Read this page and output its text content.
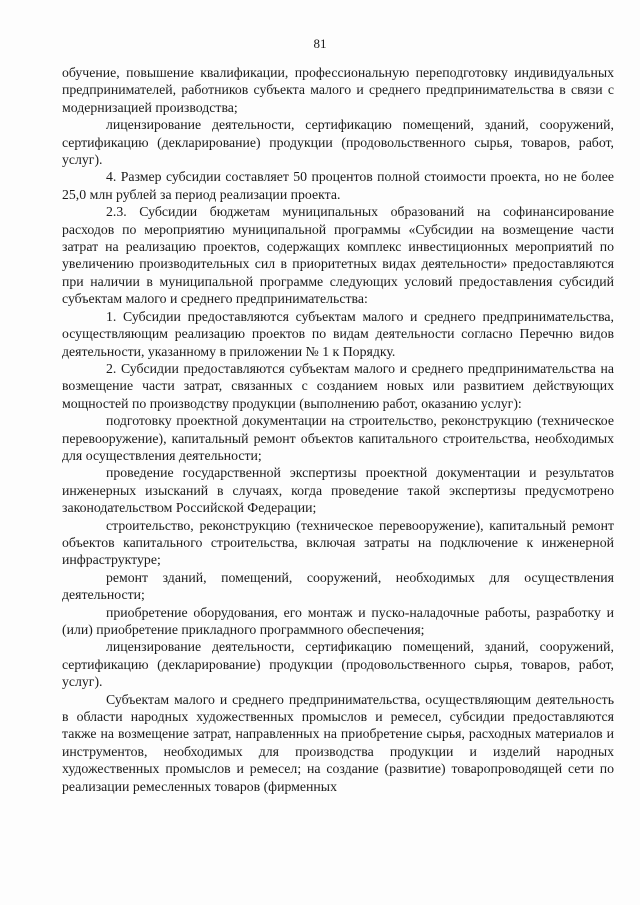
81

обучение, повышение квалификации, профессиональную переподготовку индивидуальных предпринимателей, работников субъекта малого и среднего предпринимательства в связи с модернизацией производства;

лицензирование деятельности, сертификацию помещений, зданий, сооружений, сертификацию (декларирование) продукции (продовольственного сырья, товаров, работ, услуг).

4. Размер субсидии составляет 50 процентов полной стоимости проекта, но не более 25,0 млн рублей за период реализации проекта.

2.3. Субсидии бюджетам муниципальных образований на софинансирование расходов по мероприятию муниципальной программы «Субсидии на возмещение части затрат на реализацию проектов, содержащих комплекс инвестиционных мероприятий по увеличению производительных сил в приоритетных видах деятельности» предоставляются при наличии в муниципальной программе следующих условий предоставления субсидий субъектам малого и среднего предпринимательства:

1. Субсидии предоставляются субъектам малого и среднего предпринимательства, осуществляющим реализацию проектов по видам деятельности согласно Перечню видов деятельности, указанному в приложении № 1 к Порядку.

2. Субсидии предоставляются субъектам малого и среднего предпринимательства на возмещение части затрат, связанных с созданием новых или развитием действующих мощностей по производству продукции (выполнению работ, оказанию услуг):

подготовку проектной документации на строительство, реконструкцию (техническое перевооружение), капитальный ремонт объектов капитального строительства, необходимых для осуществления деятельности;

проведение государственной экспертизы проектной документации и результатов инженерных изысканий в случаях, когда проведение такой экспертизы предусмотрено законодательством Российской Федерации;

строительство, реконструкцию (техническое перевооружение), капитальный ремонт объектов капитального строительства, включая затраты на подключение к инженерной инфраструктуре;

ремонт зданий, помещений, сооружений, необходимых для осуществления деятельности;

приобретение оборудования, его монтаж и пуско-наладочные работы, разработку и (или) приобретение прикладного программного обеспечения;

лицензирование деятельности, сертификацию помещений, зданий, сооружений, сертификацию (декларирование) продукции (продовольственного сырья, товаров, работ, услуг).

Субъектам малого и среднего предпринимательства, осуществляющим деятельность в области народных художественных промыслов и ремесел, субсидии предоставляются также на возмещение затрат, направленных на приобретение сырья, расходных материалов и инструментов, необходимых для производства продукции и изделий народных художественных промыслов и ремесел; на создание (развитие) товаропроводящей сети по реализации ремесленных товаров (фирменных
